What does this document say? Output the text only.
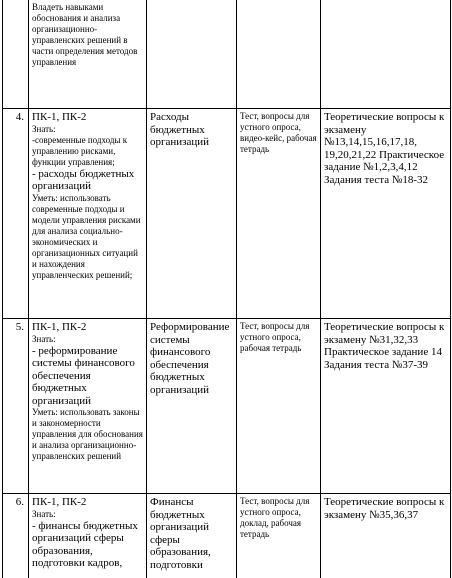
	Владеть навыками обоснования и анализа организационно-управленских решений в части определения методов управления			

4.	ПК-1, ПК-2
Знать:
-современные подходы к управлению рисками, функции управления;
- расходы бюджетных организаций
Уметь: использовать современные подходы и модели управления рисками для анализа социально-экономических и организационных ситуаций и нахождения управленческих решений;	Расходы бюджетных организаций	Тест, вопросы для устного опроса, видео-кейс, рабочая тетрадь	Теоретические вопросы к экзамену №13,14,15,16,17,18, 19,20,21,22 Практическое задание №1,2,3,4,12 Задания теста №18-32
5.	ПК-1, ПК-2
Знать:
- реформирование системы финансового обеспечения бюджетных организаций
Уметь: использовать законы и закономерности управления для обоснования и анализа организационно-управленских решений	Реформирование системы финансового обеспечения бюджетных организаций	Тест, вопросы для устного опроса, рабочая тетрадь	Теоретические вопросы к экзамену №31,32,33 Практическое задание 14 Задания теста №37-39
6.	ПК-1, ПК-2
Знать:
- финансы бюджетных организаций сферы образования, подготовки кадров,	Финансы бюджетных организаций сферы образования, подготовки	Тест, вопросы для устного опроса, доклад, рабочая тетрадь	Теоретические вопросы к экзамену №35,36,37
